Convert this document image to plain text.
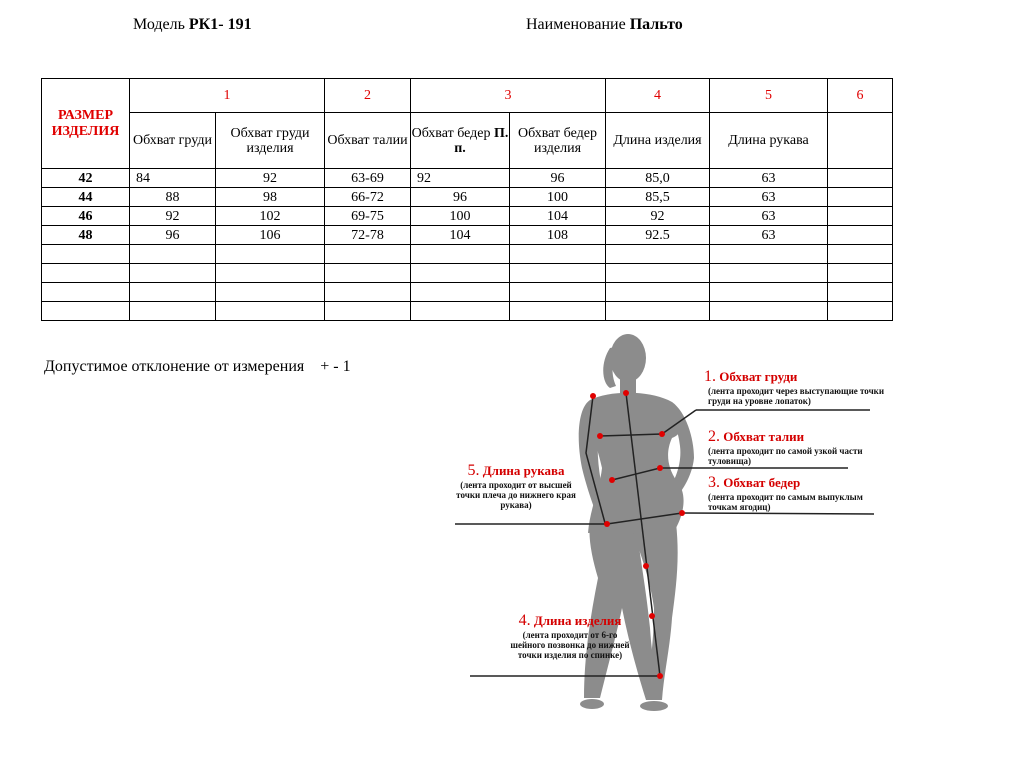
Модель РК1- 191	Наименование Пальто
РАЗМЕР ИЗДЕЛИЯ	1		2	3		4	5	6
	Обхват груди	Обхват груди изделия	Обхват талии	Обхват бедер П. п.	Обхват бедер изделия	Длина изделия	Длина рукава	
42	84	92	63-69	92	96	85,0	63	
44	88	98	66-72	96	100	85,5	63	
46	92	102	69-75	100	104	92	63	
48	96	106	72-78	104	108	92.5	63	

Допустимое отклонение от измерения + - 1
1. Обхват груди
(лента проходит через выступающие точки груди на уровне лопаток)
2. Обхват талии
(лента проходит по самой узкой части туловища)
3. Обхват бедер
(лента проходит по самым выпуклым точкам ягодиц)
4. Длина изделия
(лента проходит от 6-го шейного позвонка до нижней точки изделия по спинке)
5. Длина рукава
(лента проходит от высшей точки плеча до нижнего края рукава)
